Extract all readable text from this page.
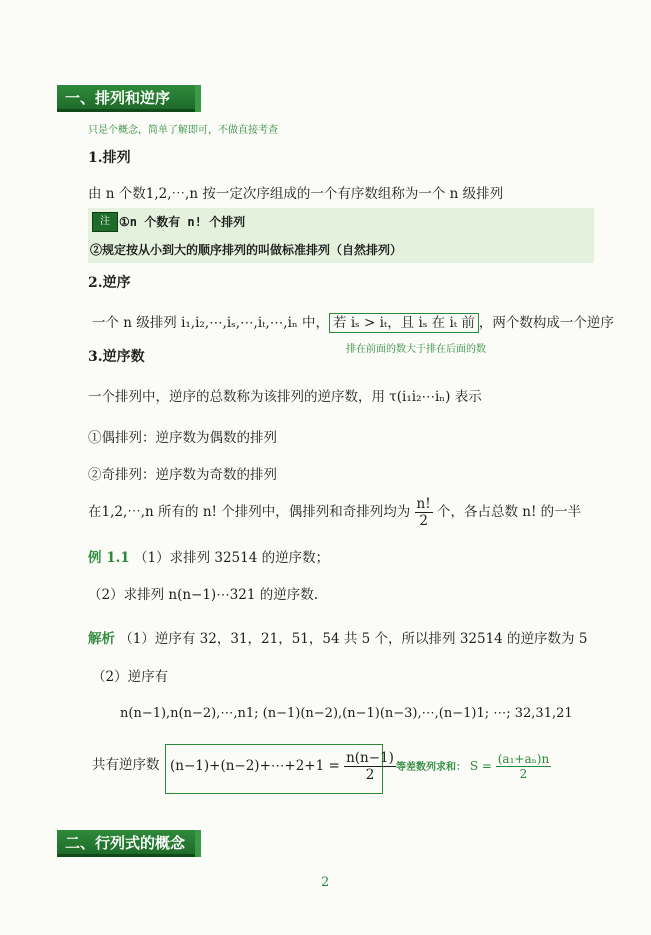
一、排列和逆序
只是个概念，简单了解即可，不做直接考查
1.排列
由 n 个数1,2,⋯,n 按一定次序组成的一个有序数组称为一个 n 级排列
注 ①n 个数有 n! 个排列
②规定按从小到大的顺序排列的叫做标准排列（自然排列）
2.逆序
一个 n 级排列 i₁,i₂,⋯,iₛ,⋯,iₜ,⋯,iₙ 中， 若 iₛ > iₜ，且 iₛ 在 iₜ 前 ，两个数构成一个逆序
排在前面的数大于排在后面的数
3.逆序数
一个排列中，逆序的总数称为该排列的逆序数，用 τ(i₁i₂⋯iₙ) 表示
①偶排列：逆序数为偶数的排列
②奇排列：逆序数为奇数的排列
在1,2,⋯,n 所有的 n! 个排列中，偶排列和奇排列均为 $\frac{n!}{2}$ 个，各占总数 n! 的一半
例 1.1 （1）求排列 32514 的逆序数；
（2）求排列 n(n−1)⋯321 的逆序数.
解析 （1）逆序有 32，31，21，51，54 共 5 个，所以排列 32514 的逆序数为 5
（2）逆序有
n(n−1),n(n−2),⋯,n1; (n−1)(n−2),(n−1)(n−3),⋯,(n−1)1; ⋯; 32,31,21
共有逆序数 (n−1)+(n−2)+⋯+2+1 = $\frac{n(n-1)}{2}$ 等差数列求和： $S = \frac{\text{(a₁+aₙ)n}}{2}$
二、行列式的概念
2
